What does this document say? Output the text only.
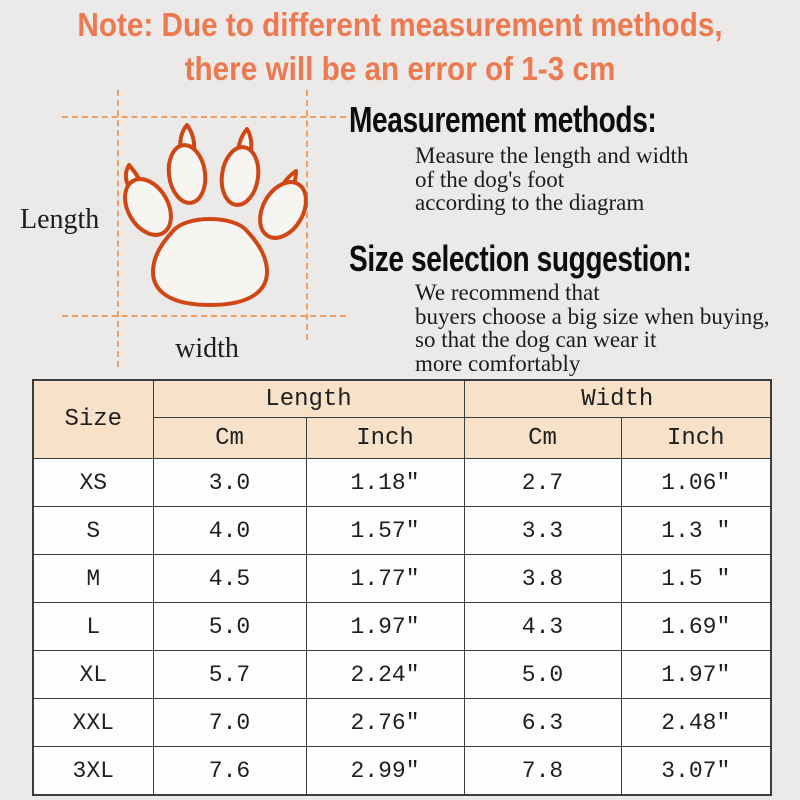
Note: Due to different measurement methods,
there will be an error of 1-3 cm
Length
width
Measurement methods:
Measure the length and width
of the dog's foot
according to the diagram
Size selection suggestion:
We recommend that
buyers choose a big size when buying,
so that the dog can wear it
more comfortably
Size	Length		Width	
	Cm	Inch	Cm	Inch
XS	3.0	1.18″	2.7	1.06″
S	4.0	1.57″	3.3	1.3 ″
M	4.5	1.77″	3.8	1.5 ″
L	5.0	1.97″	4.3	1.69″
XL	5.7	2.24″	5.0	1.97″
XXL	7.0	2.76″	6.3	2.48″
3XL	7.6	2.99″	7.8	3.07″
